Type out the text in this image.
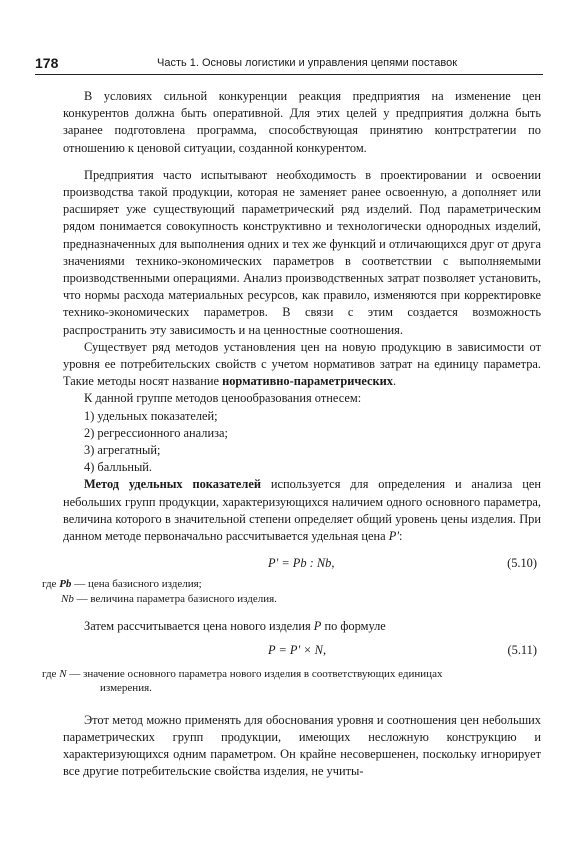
178	Часть 1. Основы логистики и управления цепями поставок

В условиях сильной конкуренции реакция предприятия на изменение цен конкурентов должна быть оперативной. Для этих целей у предприятия должна быть заранее подготовлена программа, способствующая принятию контрстратегии по отношению к ценовой ситуации, созданной конкурентом.

Предприятия часто испытывают необходимость в проектировании и освоении производства такой продукции, которая не заменяет ранее освоенную, а дополняет или расширяет уже существующий параметрический ряд изделий. Под параметрическим рядом понимается совокупность конструктивно и технологически однородных изделий, предназначенных для выполнения одних и тех же функций и отличающихся друг от друга значениями технико-экономических параметров в соответствии с выполняемыми производственными операциями. Анализ производственных затрат позволяет установить, что нормы расхода материальных ресурсов, как правило, изменяются при корректировке технико-экономических параметров. В связи с этим создается возможность распространить эту зависимость и на ценностные соотношения.

Существует ряд методов установления цен на новую продукцию в зависимости от уровня ее потребительских свойств с учетом нормативов затрат на единицу параметра. Такие методы носят название нормативно-параметрических.

К данной группе методов ценообразования отнесем:

1) удельных показателей;
2) регрессионного анализа;
3) агрегатный;
4) балльный.

Метод удельных показателей используется для определения и анализа цен небольших групп продукции, характеризующихся наличием одного основного параметра, величина которого в значительной степени определяет общий уровень цены изделия. При данном методе первоначально рассчитывается удельная цена P':

P' = Pb : Nb,	(5.10)
где Pb — цена базисного изделия;
Nb — величина параметра базисного изделия.

Затем рассчитывается цена нового изделия P по формуле

P = P' × N,	(5.11)
где N — значение основного параметра нового изделия в соответствующих единицах
измерения.

Этот метод можно применять для обоснования уровня и соотношения цен небольших параметрических групп продукции, имеющих несложную конструкцию и характеризующихся одним параметром. Он крайне несовершенен, поскольку игнорирует все другие потребительские свойства изделия, не учиты-
